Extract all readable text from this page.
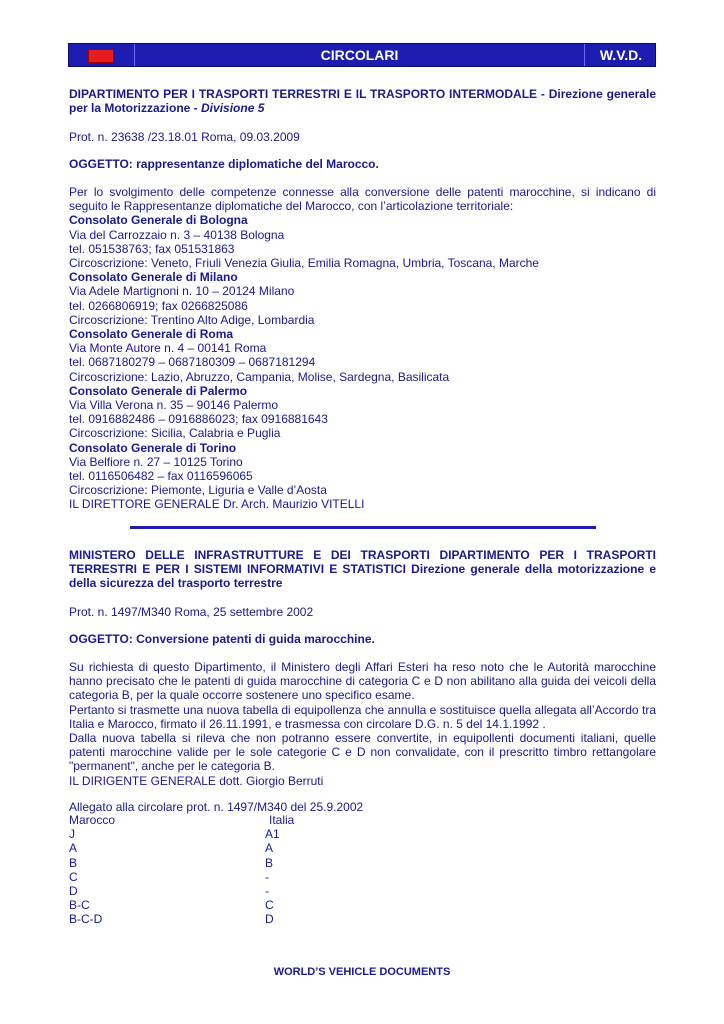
CIRCOLARI	W.V.D.
DIPARTIMENTO PER I TRASPORTI TERRESTRI E IL TRASPORTO INTERMODALE - Direzione generale per la Motorizzazione - Divisione 5
Prot. n. 23638 /23.18.01 Roma, 09.03.2009
OGGETTO: rappresentanze diplomatiche del Marocco.
Per lo svolgimento delle competenze connesse alla conversione delle patenti marocchine, si indicano di seguito le Rappresentanze diplomatiche del Marocco, con l’articolazione territoriale:
Consolato Generale di Bologna
Via del Carrozzaio n. 3 – 40138 Bologna
tel. 051538763; fax 051531863
Circoscrizione: Veneto, Friuli Venezia Giulia, Emilia Romagna, Umbria, Toscana, Marche
Consolato Generale di Milano
Via Adele Martignoni n. 10 – 20124 Milano
tel. 0266806919; fax 0266825086
Circoscrizione: Trentino Alto Adige, Lombardia
Consolato Generale di Roma
Via Monte Autore n. 4 – 00141 Roma
tel. 0687180279 – 0687180309 – 0687181294
Circoscrizione: Lazio, Abruzzo, Campania, Molise, Sardegna, Basilicata
Consolato Generale di Palermo
Via Villa Verona n. 35 – 90146 Palermo
tel. 0916882486 – 0916886023; fax 0916881643
Circoscrizione: Sicilia, Calabria e Puglia
Consolato Generale di Torino
Via Belfiore n. 27 – 10125 Torino
tel. 0116506482 – fax 0116596065
Circoscrizione: Piemonte, Liguria e Valle d’Aosta
IL DIRETTORE GENERALE Dr. Arch. Maurizio VITELLI
MINISTERO DELLE INFRASTRUTTURE E DEI TRASPORTI DIPARTIMENTO PER I TRASPORTI TERRESTRI E PER I SISTEMI INFORMATIVI E STATISTICI Direzione generale della motorizzazione e della sicurezza del trasporto terrestre
Prot. n. 1497/M340 Roma, 25 settembre 2002
OGGETTO: Conversione patenti di guida marocchine.
Su richiesta di questo Dipartimento, il Ministero degli Affari Esteri ha reso noto che le Autorità marocchine hanno precisato che le patenti di guida marocchine di categoria C e D non abilitano alla guida dei veicoli della categoria B, per la quale occorre sostenere uno specifico esame.
Pertanto si trasmette una nuova tabella di equipollenza che annulla e sostituisce quella allegata all’Accordo tra Italia e Marocco, firmato il 26.11.1991, e trasmessa con circolare D.G. n. 5 del 14.1.1992 .
Dalla nuova tabella si rileva che non potranno essere convertite, in equipollenti documenti italiani, quelle patenti marocchine valide per le sole categorie C e D non convalidate, con il prescritto timbro rettangolare "permanent", anche per le categoria B.
IL DIRIGENTE GENERALE dott. Giorgio Berruti
Allegato alla circolare prot. n. 1497/M340 del 25.9.2002
Marocco	Italia
J	A1
A	A
B	B
C	-
D	-
B-C	C
B-C-D	D
WORLD’S VEHICLE DOCUMENTS
